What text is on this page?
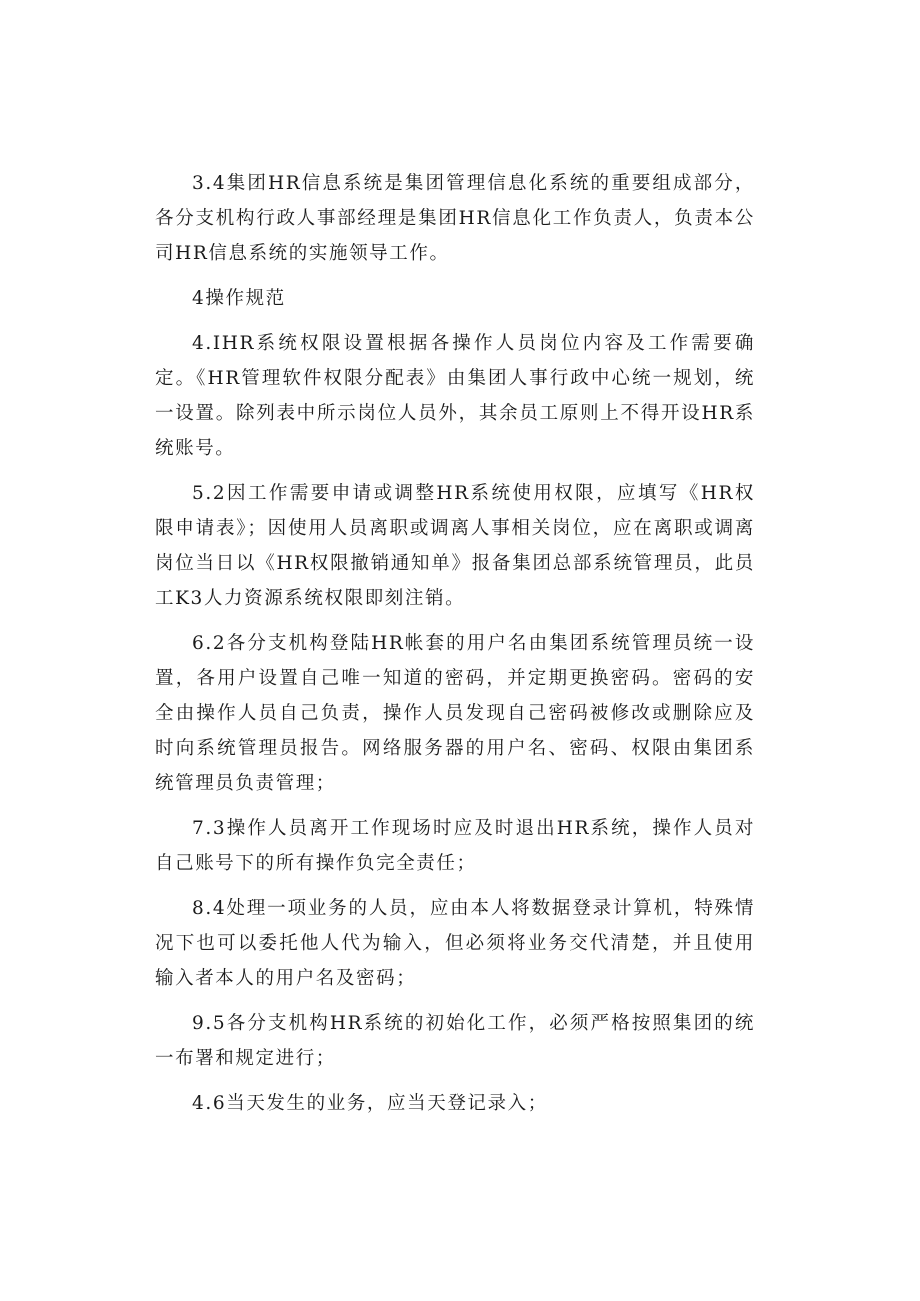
3.4集团HR信息系统是集团管理信息化系统的重要组成部分，各分支机构行政人事部经理是集团HR信息化工作负责人，负责本公司HR信息系统的实施领导工作。

4操作规范

4.IHR系统权限设置根据各操作人员岗位内容及工作需要确定。《HR管理软件权限分配表》由集团人事行政中心统一规划，统一设置。除列表中所示岗位人员外，其余员工原则上不得开设HR系统账号。

5.2因工作需要申请或调整HR系统使用权限，应填写《HR权限申请表》；因使用人员离职或调离人事相关岗位，应在离职或调离岗位当日以《HR权限撤销通知单》报备集团总部系统管理员，此员工K3人力资源系统权限即刻注销。

6.2各分支机构登陆HR帐套的用户名由集团系统管理员统一设置，各用户设置自己唯一知道的密码，并定期更换密码。密码的安全由操作人员自己负责，操作人员发现自己密码被修改或删除应及时向系统管理员报告。网络服务器的用户名、密码、权限由集团系统管理员负责管理；

7.3操作人员离开工作现场时应及时退出HR系统，操作人员对自己账号下的所有操作负完全责任；

8.4处理一项业务的人员，应由本人将数据登录计算机，特殊情况下也可以委托他人代为输入，但必须将业务交代清楚，并且使用输入者本人的用户名及密码；

9.5各分支机构HR系统的初始化工作，必须严格按照集团的统一布署和规定进行；

4.6当天发生的业务，应当天登记录入；
